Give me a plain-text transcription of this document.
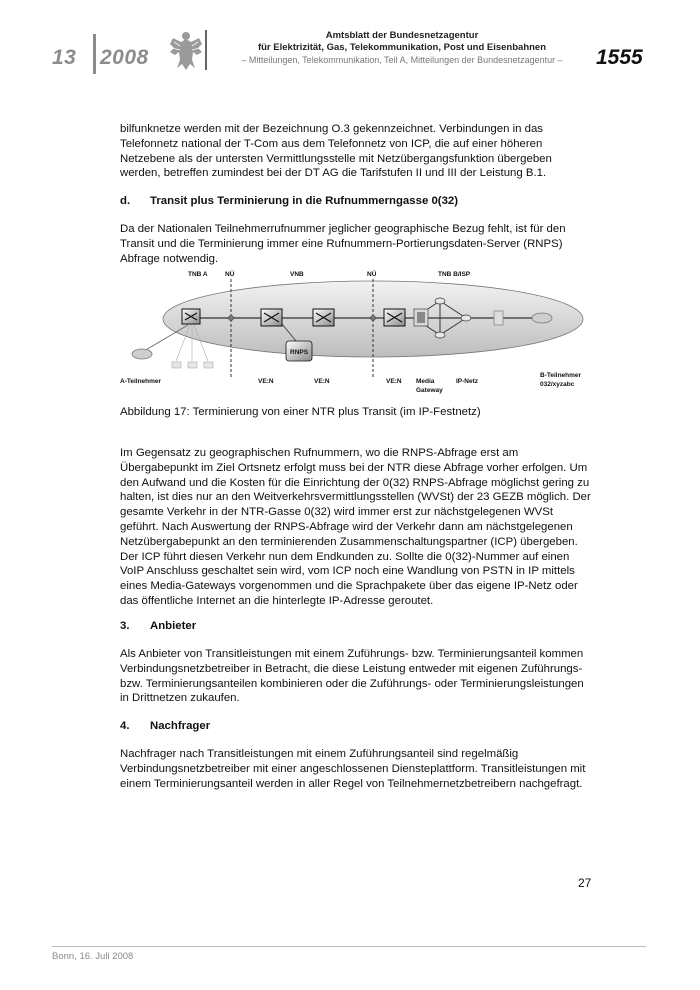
13 2008
Amtsblatt der Bundesnetzagentur
für Elektrizität, Gas, Telekommunikation, Post und Eisenbahnen
– Mitteilungen, Telekommunikation, Teil A, Mitteilungen der Bundesnetzagentur –	1555
bilfunknetze werden mit der Bezeichnung O.3 gekennzeichnet. Verbindungen in das Telefonnetz national der T-Com aus dem Telefonnetz von ICP, die auf einer höheren Netzebene als der untersten Vermittlungsstelle mit Netzübergangsfunktion übergeben werden, betreffen zumindest bei der DT AG die Tarifstufen II und III der Leistung B.1.
d. Transit plus Terminierung in die Rufnummerngasse 0(32)
Da der Nationalen Teilnehmerrufnummer jeglicher geographische Bezug fehlt, ist für den Transit und die Terminierung immer eine Rufnummern-Portierungsdaten-Server (RNPS) Abfrage notwendig.
TNB A	NÜ	VNB	NÜ	TNB B/ISP
RNPS
A-Teilnehmer	VE:N	VE:N	VE:N Media
Gateway
IP-Netz
B-Teilnehmer
032/xyzabc
Abbildung 17: Terminierung von einer NTR plus Transit (im IP-Festnetz)
Im Gegensatz zu geographischen Rufnummern, wo die RNPS-Abfrage erst am Übergabepunkt im Ziel Ortsnetz erfolgt muss bei der NTR diese Abfrage vorher erfolgen. Um den Aufwand und die Kosten für die Einrichtung der 0(32) RNPS-Abfrage möglichst gering zu halten, ist dies nur an den Weitverkehrsvermittlungsstellen (WVSt) der 23 GEZB möglich. Der gesamte Verkehr in der NTR-Gasse 0(32) wird immer erst zur nächstgelegenen WVSt geführt. Nach Auswertung der RNPS-Abfrage wird der Verkehr dann am nächstgelegenen Netzübergabepunkt an den terminierenden Zusammenschaltungspartner (ICP) übergeben. Der ICP führt diesen Verkehr nun dem Endkunden zu. Sollte die 0(32)-Nummer auf einen VoIP Anschluss geschaltet sein wird, vom ICP noch eine Wandlung von PSTN in IP mittels eines Media-Gateways vorgenommen und die Sprachpakete über das eigene IP-Netz oder das öffentliche Internet an die hinterlegte IP-Adresse geroutet.
3. Anbieter
Als Anbieter von Transitleistungen mit einem Zuführungs- bzw. Terminierungsanteil kommen Verbindungsnetzbetreiber in Betracht, die diese Leistung entweder mit eigenen Zuführungs- bzw. Terminierungsanteilen kombinieren oder die Zuführungs- oder Terminierungsleistungen in Drittnetzen zukaufen.
4. Nachfrager
Nachfrager nach Transitleistungen mit einem Zuführungsanteil sind regelmäßig Verbindungsnetzbetreiber mit einer angeschlossenen Diensteplattform. Transitleistungen mit einem Terminierungsanteil werden in aller Regel von Teilnehmernetzbetreibern nachgefragt.
27
Bonn, 16. Juli 2008
